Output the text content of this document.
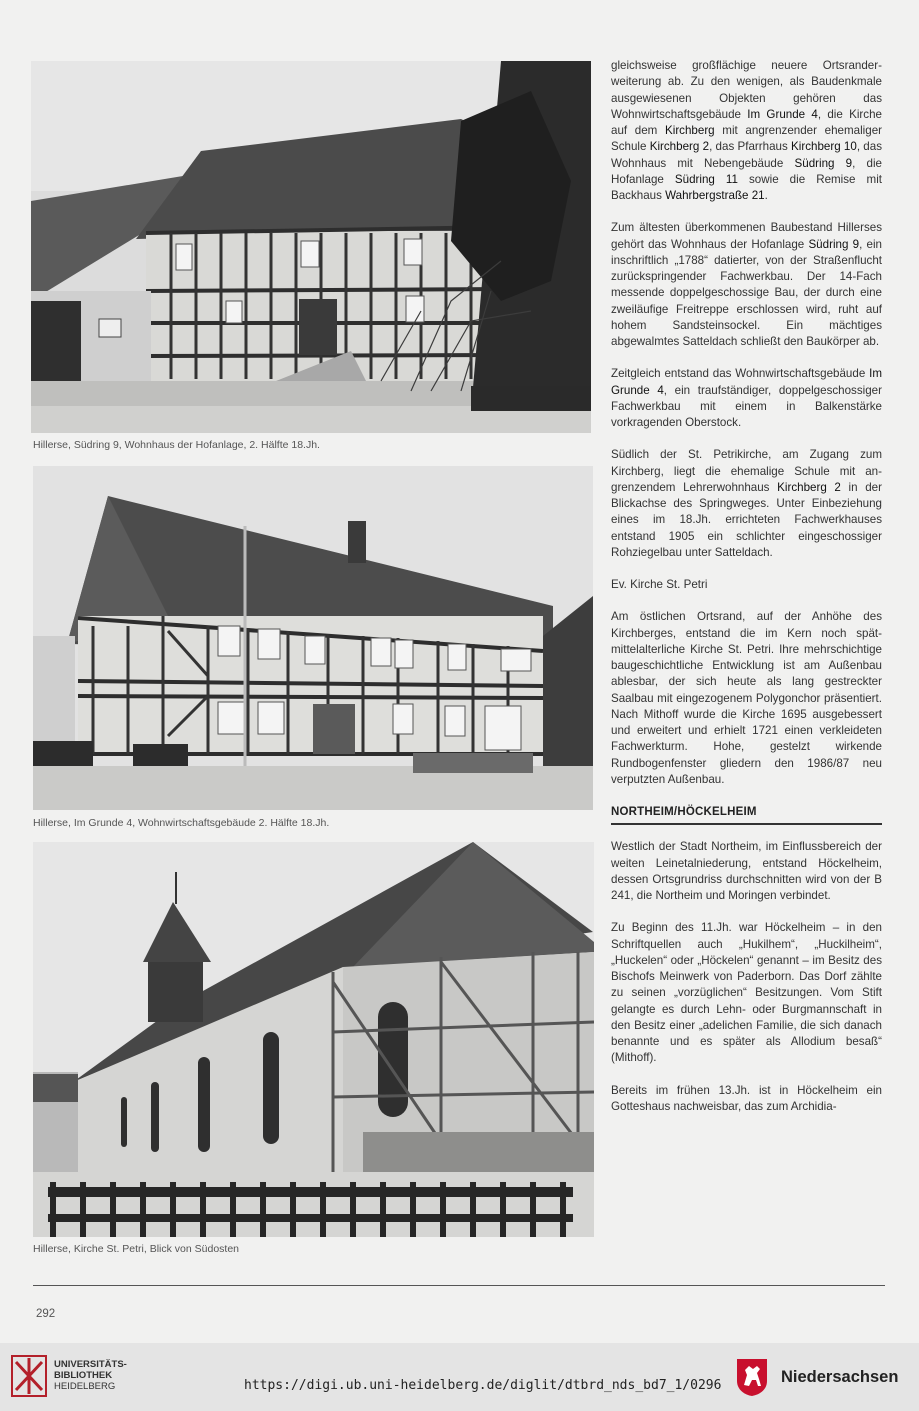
Hillerse, Südring 9, Wohnhaus der Hofanlage, 2. Hälfte 18.Jh.
Hillerse, Im Grunde 4, Wohnwirtschaftsgebäude 2. Hälfte 18.Jh.
Hillerse, Kirche St. Petri, Blick von Südosten

gleichsweise großflächige neuere Ortsranderweiterung ab. Zu den wenigen, als Baudenkmale ausgewiesenen Objekten gehören das Wohnwirtschaftsgebäude Im Grunde 4, die Kirche auf dem Kirchberg mit angrenzender ehemaliger Schule Kirchberg 2, das Pfarrhaus Kirchberg 10, das Wohnhaus mit Nebengebäude Südring 9, die Hofanlage Südring 11 sowie die Remise mit Backhaus Wahrbergstraße 21.

Zum ältesten überkommenen Baubestand Hillerses gehört das Wohnhaus der Hofanlage Südring 9, ein inschriftlich „1788“ datierter, von der Straßenflucht zurückspringender Fachwerkbau. Der 14-Fach messende doppelgeschossige Bau, der durch eine zweiläufige Freitreppe erschlossen wird, ruht auf hohem Sandsteinsockel. Ein mächtiges abgewalmtes Satteldach schließt den Baukörper ab.

Zeitgleich entstand das Wohnwirtschaftsgebäude Im Grunde 4, ein traufständiger, doppelgeschossiger Fachwerkbau mit einem in Balkenstärke vorkragenden Oberstock.

Südlich der St. Petrikirche, am Zugang zum Kirchberg, liegt die ehemalige Schule mit angrenzendem Lehrerwohnhaus Kirchberg 2 in der Blickachse des Springweges. Unter Einbeziehung eines im 18.Jh. errichteten Fachwerkhauses entstand 1905 ein schlichter eingeschossiger Rohziegelbau unter Satteldach.

Ev. Kirche St. Petri

Am östlichen Ortsrand, auf der Anhöhe des Kirchberges, entstand die im Kern noch spätmittelalterliche Kirche St. Petri. Ihre mehrschichtige baugeschichtliche Entwicklung ist am Außenbau ablesbar, der sich heute als lang gestreckter Saalbau mit eingezogenem Polygonchor präsentiert. Nach Mithoff wurde die Kirche 1695 ausgebessert und erweitert und erhielt 1721 einen verkleideten Fachwerkturm. Hohe, gestelzt wirkende Rundbogenfenster gliedern den 1986/87 neu verputzten Außenbau.

NORTHEIM/HÖCKELHEIM

Westlich der Stadt Northeim, im Einflussbereich der weiten Leinetalniederung, entstand Höckelheim, dessen Ortsgrundriss durchschnitten wird von der B 241, die Northeim und Moringen verbindet.

Zu Beginn des 11.Jh. war Höckelheim – in den Schriftquellen auch „Hukilhem“, „Huckilheim“, „Huckelen“ oder „Höckelen“ genannt – im Besitz des Bischofs Meinwerk von Paderborn. Das Dorf zählte zu seinen „vorzüglichen“ Besitzungen. Vom Stift gelangte es durch Lehn- oder Burgmannschaft in den Besitz einer „adelichen Familie, die sich danach benannte und es später als Allodium besaß“ (Mithoff).

Bereits im frühen 13.Jh. ist in Höckelheim ein Gotteshaus nachweisbar, das zum Archidia-

292
UNIVERSITÄTS-
BIBLIOTHEK
HEIDELBERG	https://digi.ub.uni-heidelberg.de/diglit/dtbrd_nds_bd7_1/0296	Niedersachsen
